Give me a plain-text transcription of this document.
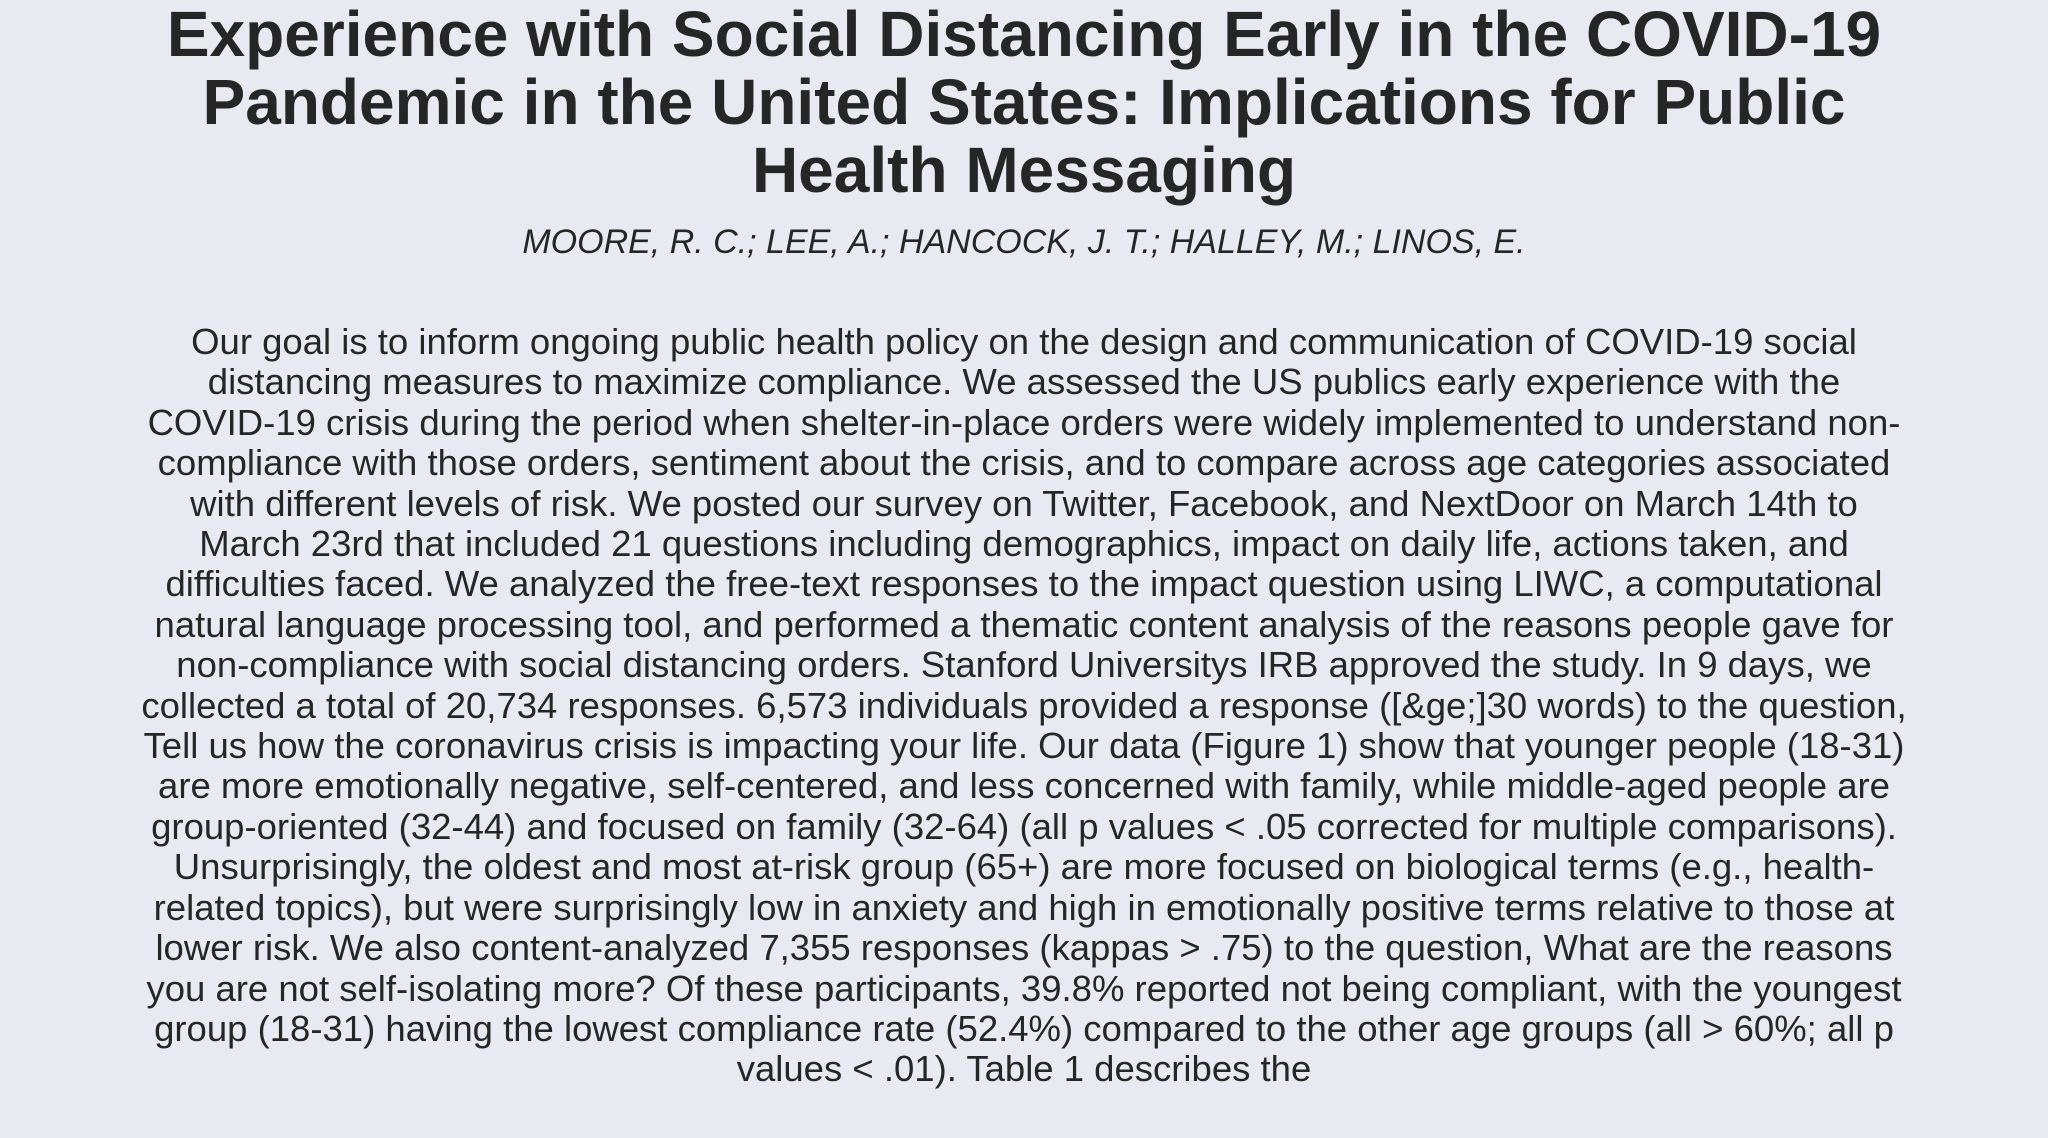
Experience with Social Distancing Early in the COVID-19 Pandemic in the United States: Implications for Public Health Messaging

MOORE, R. C.; LEE, A.; HANCOCK, J. T.; HALLEY, M.; LINOS, E.

Our goal is to inform ongoing public health policy on the design and communication of COVID-19 social distancing measures to maximize compliance. We assessed the US publics early experience with the COVID-19 crisis during the period when shelter-in-place orders were widely implemented to understand non-compliance with those orders, sentiment about the crisis, and to compare across age categories associated with different levels of risk. We posted our survey on Twitter, Facebook, and NextDoor on March 14th to March 23rd that included 21 questions including demographics, impact on daily life, actions taken, and difficulties faced. We analyzed the free-text responses to the impact question using LIWC, a computational natural language processing tool, and performed a thematic content analysis of the reasons people gave for non-compliance with social distancing orders. Stanford Universitys IRB approved the study. In 9 days, we collected a total of 20,734 responses. 6,573 individuals provided a response ([&ge;]30 words) to the question, Tell us how the coronavirus crisis is impacting your life. Our data (Figure 1) show that younger people (18-31) are more emotionally negative, self-centered, and less concerned with family, while middle-aged people are group-oriented (32-44) and focused on family (32-64) (all p values < .05 corrected for multiple comparisons). Unsurprisingly, the oldest and most at-risk group (65+) are more focused on biological terms (e.g., health-related topics), but were surprisingly low in anxiety and high in emotionally positive terms relative to those at lower risk. We also content-analyzed 7,355 responses (kappas > .75) to the question, What are the reasons you are not self-isolating more? Of these participants, 39.8% reported not being compliant, with the youngest group (18-31) having the lowest compliance rate (52.4%) compared to the other age groups (all > 60%; all p values < .01). Table 1 describes the
